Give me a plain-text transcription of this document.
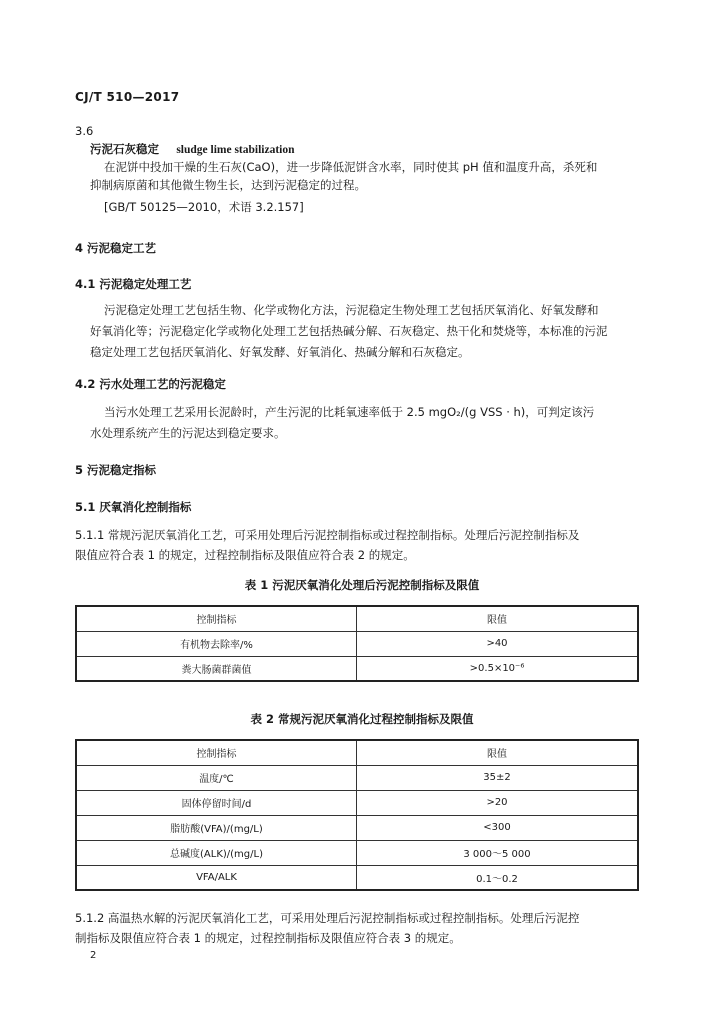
CJ/T 510—2017
3.6
污泥石灰稳定 sludge lime stabilization
在泥饼中投加干燥的生石灰(CaO)，进一步降低泥饼含水率，同时使其 pH 值和温度升高，杀死和
抑制病原菌和其他微生物生长，达到污泥稳定的过程。
[GB/T 50125—2010，术语 3.2.157]
4 污泥稳定工艺
4.1 污泥稳定处理工艺
污泥稳定处理工艺包括生物、化学或物化方法，污泥稳定生物处理工艺包括厌氧消化、好氧发酵和
好氧消化等；污泥稳定化学或物化处理工艺包括热碱分解、石灰稳定、热干化和焚烧等，本标准的污泥
稳定处理工艺包括厌氧消化、好氧发酵、好氧消化、热碱分解和石灰稳定。
4.2 污水处理工艺的污泥稳定
当污水处理工艺采用长泥龄时，产生污泥的比耗氧速率低于 2.5 mgO₂/(g VSS · h)，可判定该污
水处理系统产生的污泥达到稳定要求。
5 污泥稳定指标
5.1 厌氧消化控制指标
5.1.1 常规污泥厌氧消化工艺，可采用处理后污泥控制指标或过程控制指标。处理后污泥控制指标及
限值应符合表 1 的规定，过程控制指标及限值应符合表 2 的规定。
表 1 污泥厌氧消化处理后污泥控制指标及限值
控制指标	限值
有机物去除率/%	>40
粪大肠菌群菌值	>0.5×10⁻⁶
表 2 常规污泥厌氧消化过程控制指标及限值
控制指标	限值
温度/℃	35±2
固体停留时间/d	>20
脂肪酸(VFA)/(mg/L)	<300
总碱度(ALK)/(mg/L)	3 000～5 000
VFA/ALK	0.1～0.2
5.1.2 高温热水解的污泥厌氧消化工艺，可采用处理后污泥控制指标或过程控制指标。处理后污泥控
制指标及限值应符合表 1 的规定，过程控制指标及限值应符合表 3 的规定。
2
